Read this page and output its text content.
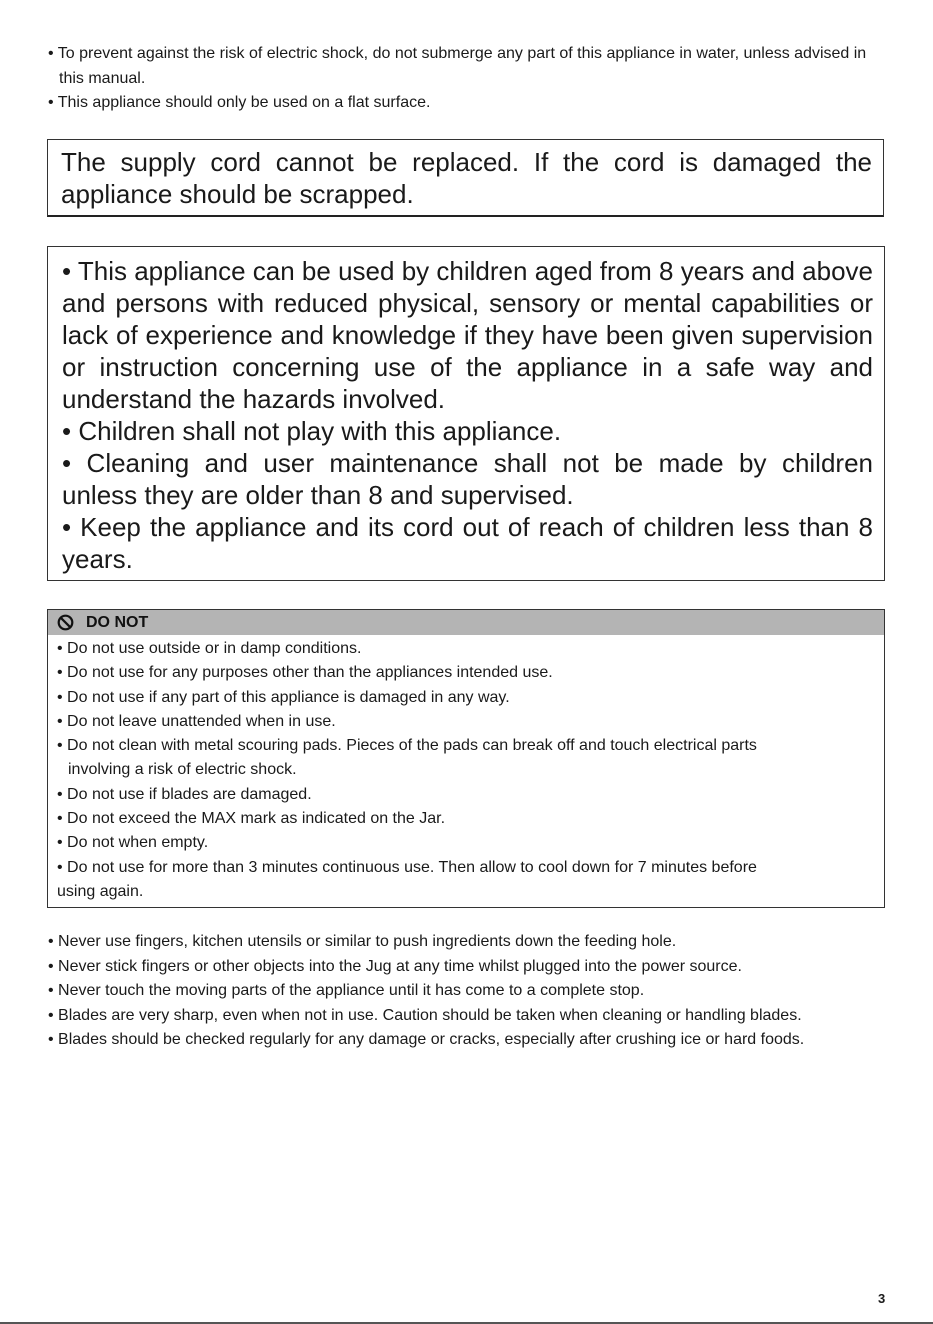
• To prevent against the risk of electric shock, do not submerge any part of this appliance in water, unless advised in this manual.
• This appliance should only be used on a flat surface.
The supply cord cannot be replaced. If the cord is damaged the appliance should be scrapped.

• This appliance can be used by children aged from 8 years and above and persons with reduced physical, sensory or mental capabilities or lack of experience and knowledge if they have been given supervision or instruction concerning use of the appliance in a safe way and understand the hazards involved.

• Children shall not play with this appliance.

• Cleaning and user maintenance shall not be made by children unless they are older than 8 and supervised.

• Keep the appliance and its cord out of reach of children less than 8 years.

DO NOT
• Do not use outside or in damp conditions.
• Do not use for any purposes other than the appliances intended use.
• Do not use if any part of this appliance is damaged in any way.
• Do not leave unattended when in use.
• Do not clean with metal scouring pads. Pieces of the pads can break off and touch electrical parts
involving a risk of electric shock.
• Do not use if blades are damaged.
• Do not exceed the MAX mark as indicated on the Jar.
• Do not when empty.
• Do not use for more than 3 minutes continuous use. Then allow to cool down for 7 minutes before
using again.
• Never use fingers, kitchen utensils or similar to push ingredients down the feeding hole.
• Never stick fingers or other objects into the Jug at any time whilst plugged into the power source.
• Never touch the moving parts of the appliance until it has come to a complete stop.
• Blades are very sharp, even when not in use. Caution should be taken when cleaning or handling blades.
• Blades should be checked regularly for any damage or cracks, especially after crushing ice or hard foods.
3
